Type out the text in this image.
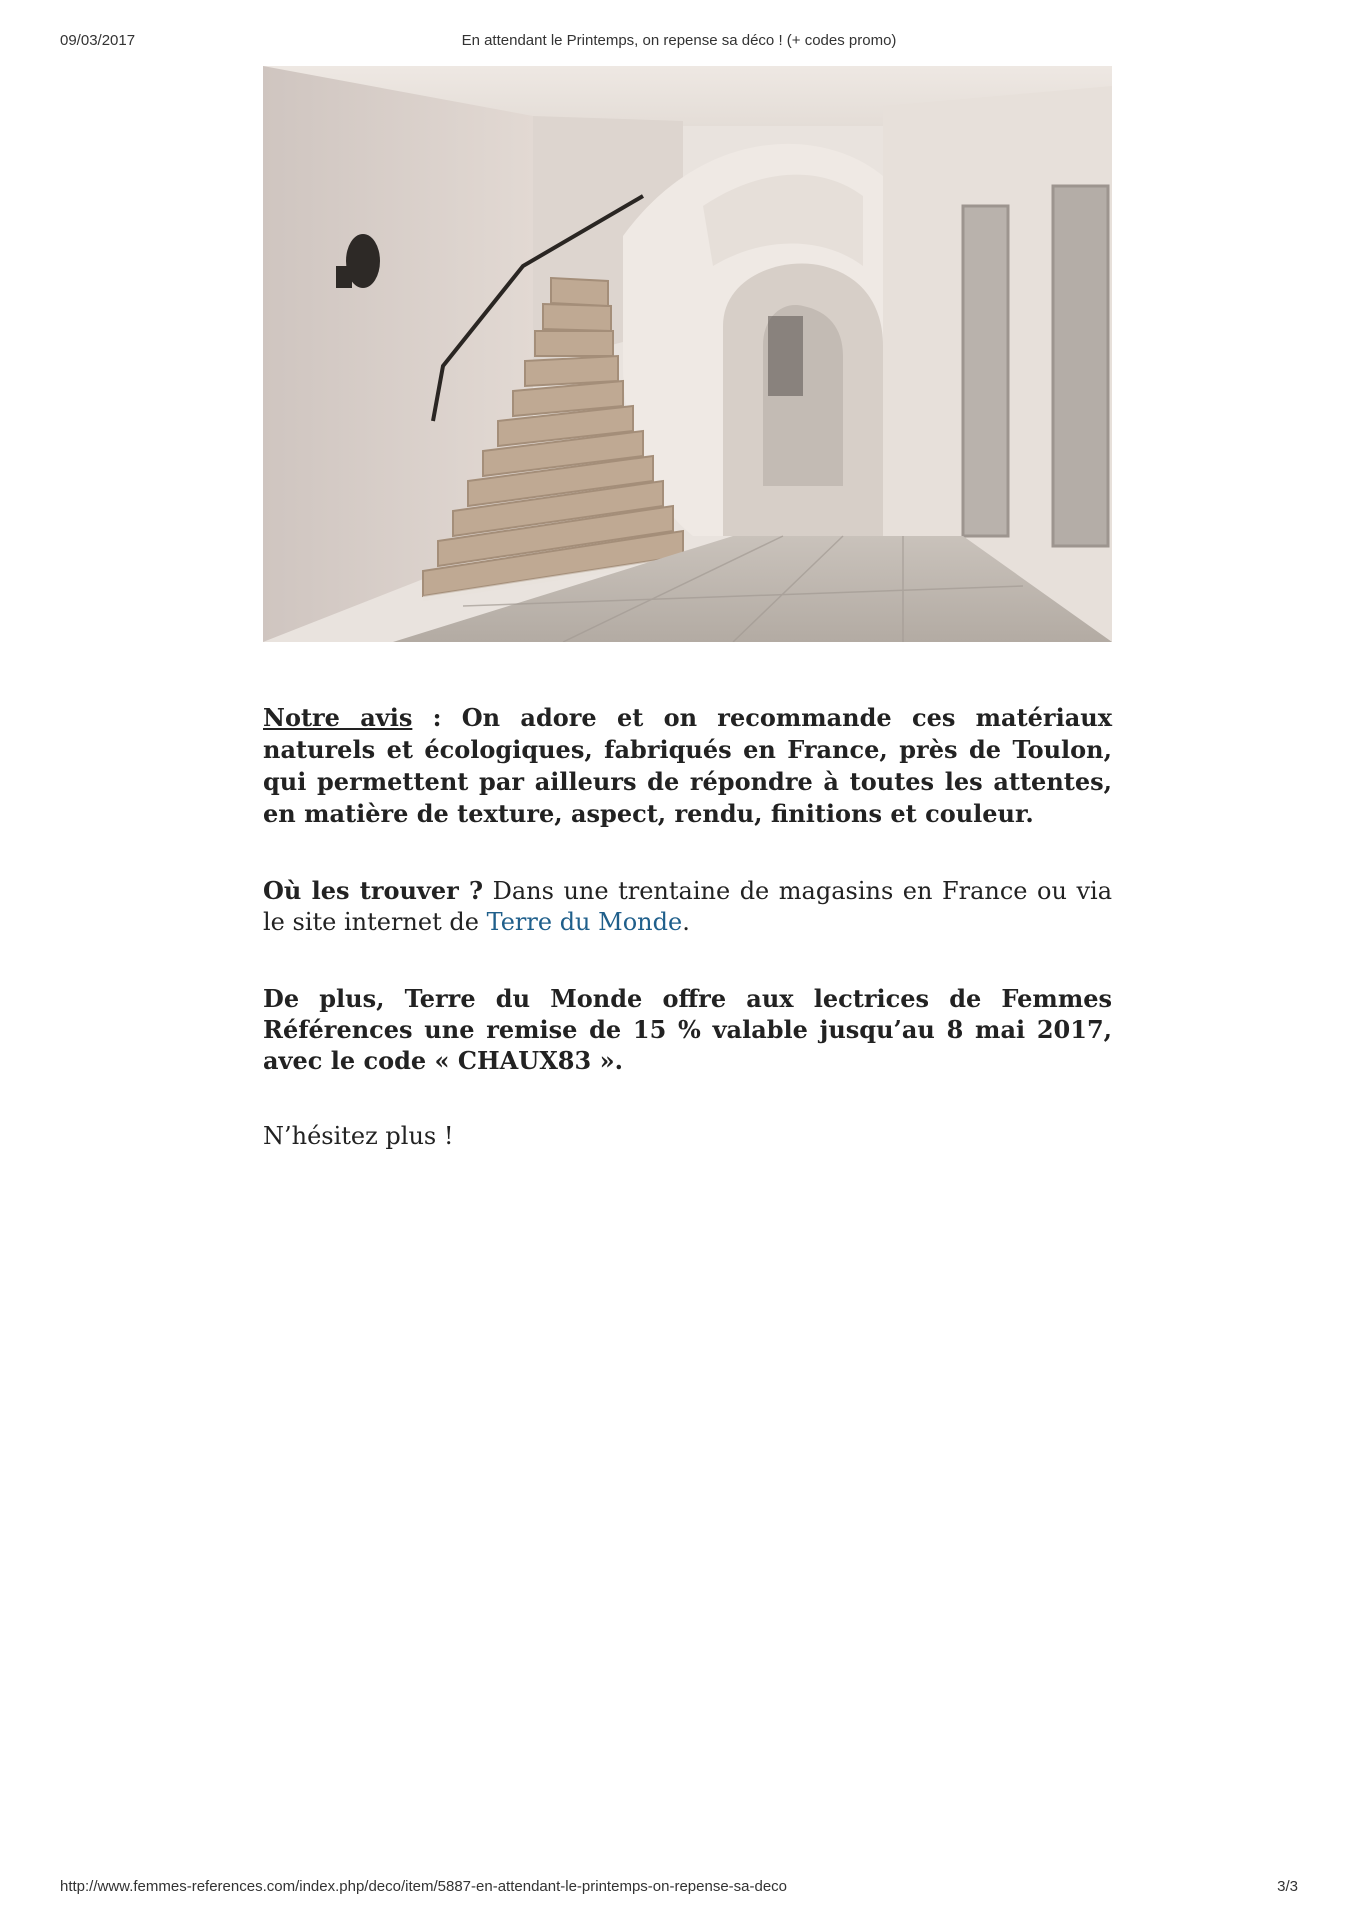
09/03/2017	En attendant le Printemps, on repense sa déco ! (+ codes promo)

Notre avis : On adore et on recommande ces matériaux naturels et écologiques, fabriqués en France, près de Toulon, qui permettent par ailleurs de répondre à toutes les attentes, en matière de texture, aspect, rendu, finitions et couleur.

Où les trouver ? Dans une trentaine de magasins en France ou via le site internet de Terre du Monde.

De plus, Terre du Monde offre aux lectrices de Femmes Références une remise de 15 % valable jusqu’au 8 mai 2017, avec le code « CHAUX83 ».

N’hésitez plus !

http://www.femmes-references.com/index.php/deco/item/5887-en-attendant-le-printemps-on-repense-sa-deco	3/3
